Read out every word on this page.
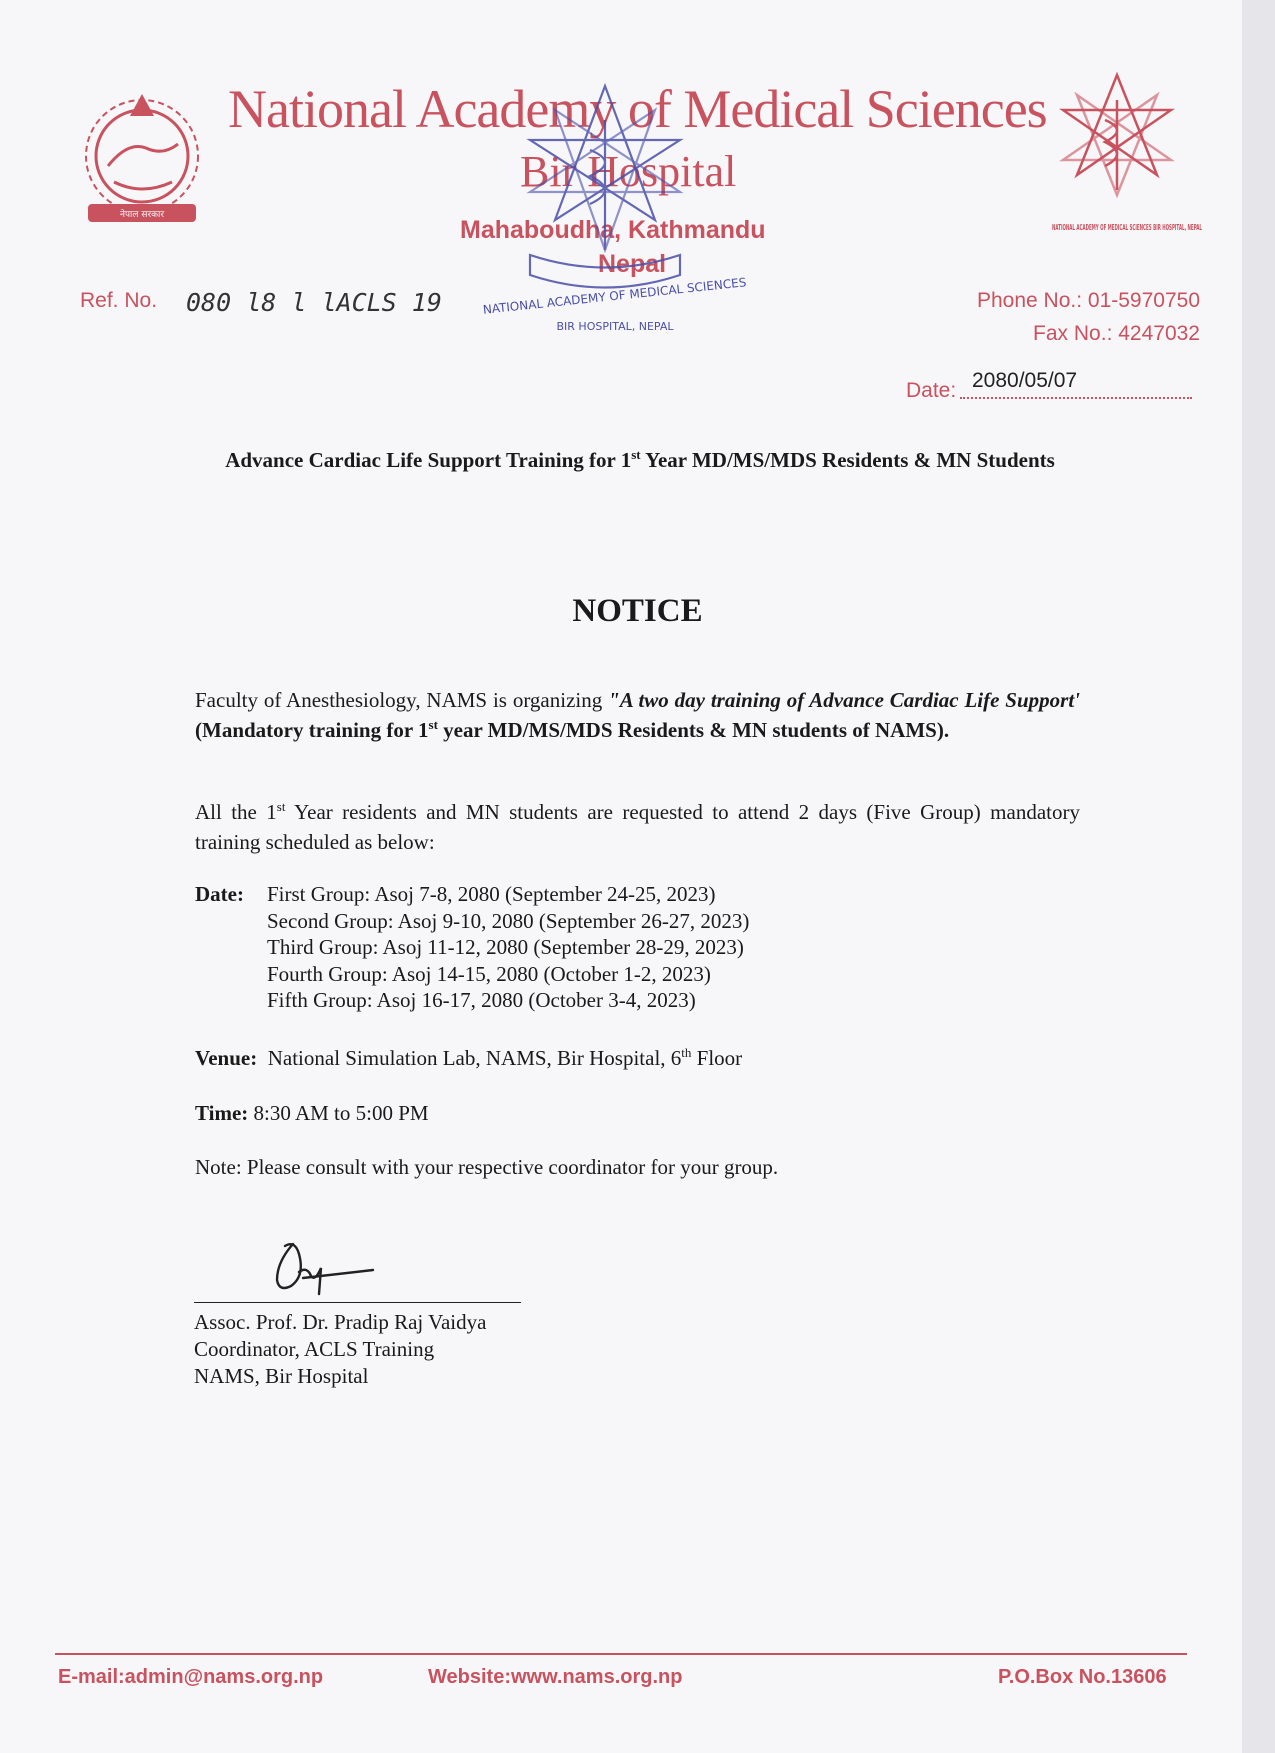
नेपाल सरकार
NATIONAL ACADEMY OF MEDICAL SCIENCES BIR HOSPITAL, NEPAL
National Academy of Medical Sciences
Bir Hospital
Mahaboudha, Kathmandu
Nepal
NATIONAL ACADEMY OF MEDICAL SCIENCES
BIR HOSPITAL, NEPAL
Ref. No. 080 l8 l lACLS 19	Phone No.: 01-5970750
Fax No.: 4247032
Date: 2080/05/07
Advance Cardiac Life Support Training for 1st Year MD/MS/MDS Residents & MN Students
NOTICE
Faculty of Anesthesiology, NAMS is organizing "A two day training of Advance Cardiac Life Support' (Mandatory training for 1st year MD/MS/MDS Residents & MN students of NAMS).
All the 1st Year residents and MN students are requested to attend 2 days (Five Group) mandatory training scheduled as below:
Date: First Group: Asoj 7-8, 2080 (September 24-25, 2023)
Second Group: Asoj 9-10, 2080 (September 26-27, 2023)
Third Group: Asoj 11-12, 2080 (September 28-29, 2023)
Fourth Group: Asoj 14-15, 2080 (October 1-2, 2023)
Fifth Group: Asoj 16-17, 2080 (October 3-4, 2023)
Venue: National Simulation Lab, NAMS, Bir Hospital, 6th Floor
Time: 8:30 AM to 5:00 PM
Note: Please consult with your respective coordinator for your group.
Assoc. Prof. Dr. Pradip Raj Vaidya
Coordinator, ACLS Training
NAMS, Bir Hospital
E-mail:admin@nams.org.np	Website:www.nams.org.np	P.O.Box No.13606
